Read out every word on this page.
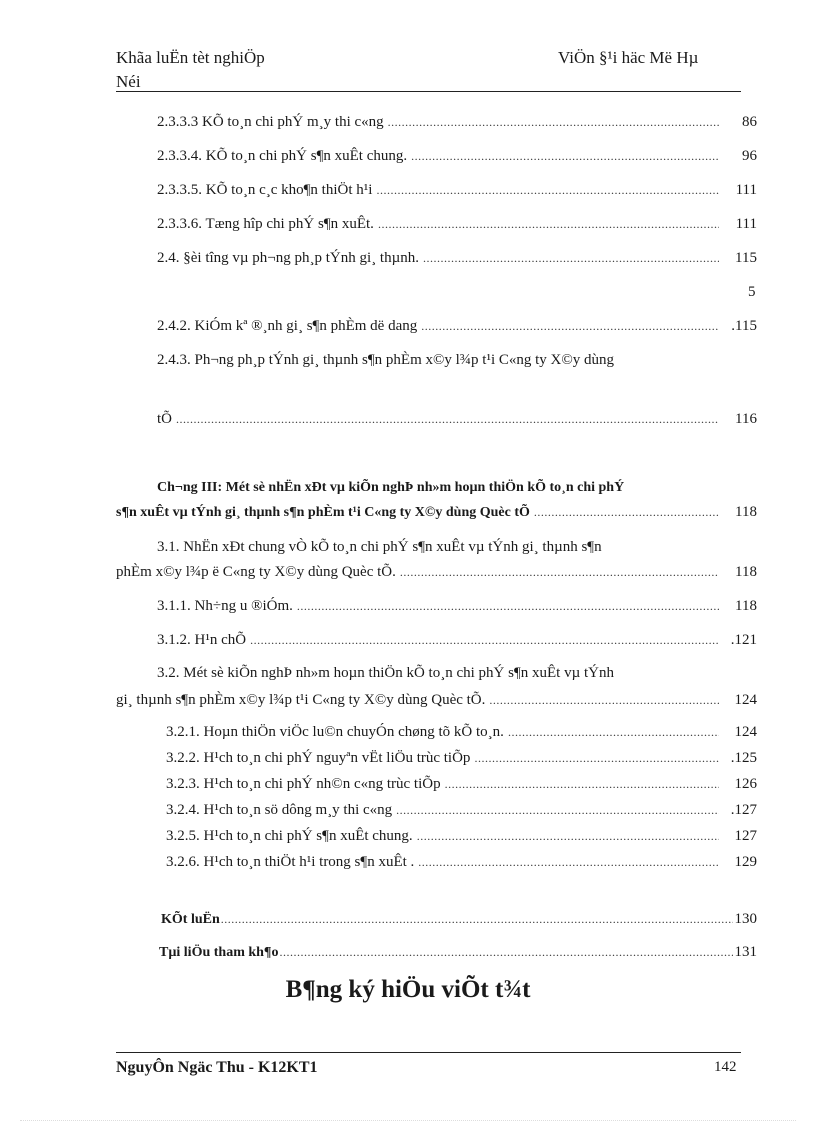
Khãa luËn tèt nghiÖp
Néi
ViÖn §¹i häc Më Hµ
2.3.3.3 KÕ to¸n chi phÝ m¸y thi c«ng .....	86
2.3.3.4. KÕ to¸n chi phÝ s¶n xuÊt chung. .....	96
2.3.3.5. KÕ to¸n c¸c kho¶n thiÖt h¹i .....	111
2.3.3.6. Tæng hîp chi phÝ s¶n xuÊt. .....	111
2.4. §èi tîng vµ ph¬ng ph¸p tÝnh gi¸ thµnh. .....	115
5
2.4.2. KiÓm kª ®¸nh gi¸ s¶n phÈm dë dang .....	.115
2.4.3. Ph¬ng ph¸p tÝnh gi¸ thµnh s¶n phÈm x©y l¾p t¹i C«ng ty X©y dùng
tÕ .....	116
Ch¬ng III: Mét sè nhËn xÐt vµ kiÕn nghÞ nh»m hoµn thiÖn kÕ to¸n chi phÝ
s¶n xuÊt vµ tÝnh gi¸ thµnh s¶n phÈm t¹i C«ng ty X©y dùng Quèc tÕ .....	118
3.1. NhËn xÐt chung vÒ kÕ to¸n chi phÝ s¶n xuÊt vµ tÝnh gi¸ thµnh s¶n
phÈm x©y l¾p ë C«ng ty X©y dùng Quèc tÕ. .....	118
3.1.1. Nh÷ng u ®iÓm. .....	118
3.1.2. H¹n chÕ .....	.121
3.2. Mét sè kiÕn nghÞ nh»m hoµn thiÖn kÕ to¸n chi phÝ s¶n xuÊt vµ tÝnh
gi¸ thµnh s¶n phÈm x©y l¾p t¹i C«ng ty X©y dùng Quèc tÕ. .....	124
3.2.1. Hoµn thiÖn viÖc lu©n chuyÓn chøng tõ kÕ to¸n. .....	124
3.2.2. H¹ch to¸n chi phÝ nguyªn vËt liÖu trùc tiÕp .....	.125
3.2.3. H¹ch to¸n chi phÝ nh©n c«ng trùc tiÕp .....	126
3.2.4. H¹ch to¸n sö dông m¸y thi c«ng .....	.127
3.2.5. H¹ch to¸n chi phÝ s¶n xuÊt chung. .....	127
3.2.6. H¹ch to¸n thiÖt h¹i trong s¶n xuÊt . .....	129
KÕt luËn .....	130
Tµi liÖu tham kh¶o .....	131
B¶ng ký hiÖu viÕt t¾t
NguyÔn Ngäc Thu - K12KT1	142
